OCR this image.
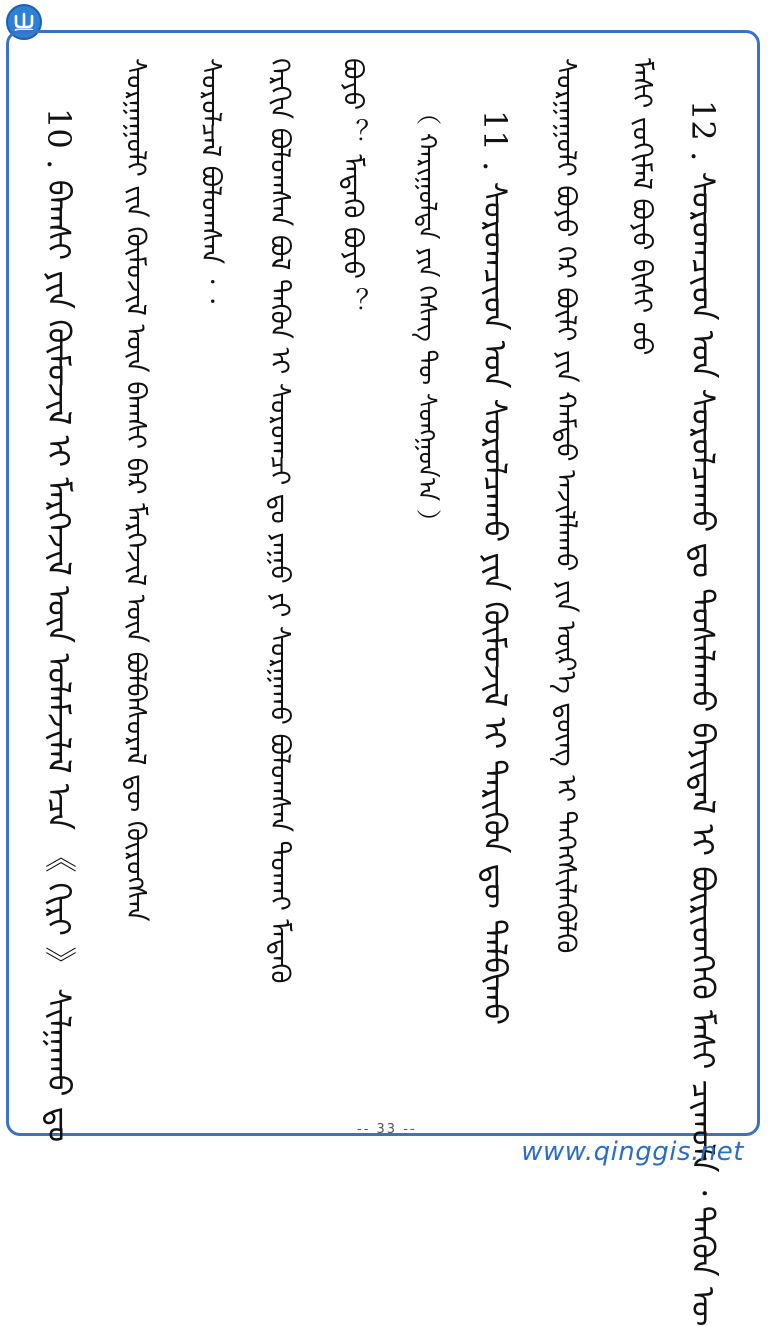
ᠮᠠᠰᠢ ᠵᠣᠬᠢᠮᠠᠯ ᠪᠤᠶᠤ ᠪᠢᠰᠢ ᠦᠦ 12 ․ ᠰᠤᠷᠤᠭᠴᠢᠳ ᠤᠨ ᠰᠤᠷᠤᠯᠴᠠᠬᠤ ᠳᠤ ᠲᠤᠰᠠᠯᠠᠬᠤ ᠪᠠᠶᠢᠳᠠᠯ ᠢ ᠪᠦᠷᠢᠳᠬᠡᠬᠦ ᠮᠠᠰᠢ ᠴᠢᠬᠤᠯᠠ ᠂ ᠲᠡᠭᠦᠨ ᠦ
ᠰᠤᠷᠭᠠᠭᠤᠯᠢ ᠪᠤᠶᠤ ᠭᠡᠷ ᠪᠦᠯᠢ ᠶᠢᠨ ᠬᠠᠮᠲᠤ ᠠᠵᠢᠯᠯᠠᠬᠤ ᠶᠢᠨ ᠦᠷ᠎ᠡ ᠳ᠋ᠦᠩ ᠢ ᠳᠡᠭᠡᠭᠰᠢᠯᠡᠭᠦᠯᠬᠦ
11 ․ ᠰᠤᠷᠤᠭᠴᠢᠳ ᠤᠨ ᠰᠤᠷᠤᠯᠴᠠᠬᠤ ᠶᠢᠨ ᠬᠦᠮᠦᠵᠢᠯ ᠢ ᠲᠡᠷᠢᠭᠦᠨ ᠳᠦ ᠲᠠᠯᠪᠢᠬᠤ
（ ᠬᠠᠷᠢᠭᠤᠯᠲᠠ ᠶᠢᠨ ᠬᠡᠰᠡᠭ ᠲᠦ ᠰᠤᠩᠭᠤᠨ᠎ᠠ ）
ᠪᠤᠶᠤ ？ ᠮᠡᠳᠡᠬᠦ ᠪᠤᠶᠤ ？
ᠬᠡᠷᠬᠢᠨ ᠪᠤᠯᠤᠭᠰᠠᠨ ᠪᠤᠯ ᠲᠡᠭᠦᠨ ᠢ ᠰᠤᠷᠤᠭᠴᠢ ᠳᠤ ᠶᠠᠭᠤ ᠶᠢ ᠰᠤᠷᠭᠠᠬᠤ ᠪᠤᠯᠤᠭᠰᠠᠨ ᠲᠤᠬᠠᠢ ᠮᠡᠳᠡᠬᠦ
ᠰᠤᠷᠤᠯᠴᠠᠯ ᠪᠤᠯᠤᠭᠰᠠᠨ ᠂ ᠂
ᠰᠤᠷᠭᠠᠭᠤᠯᠢ ᠵᠢᠨ ᠬᠦᠮᠦᠵᠢᠯ ᠦᠨ ᠪᠠᠭᠰᠢ ᠪᠠᠷ ᠮᠡᠷᠭᠡᠵᠢᠯ ᠦᠨ ᠪᠤᠯᠪᠠᠰᠤᠷᠠᠯ ᠳᠦ ᠬᠦᠷᠦᠭᠰᠡᠨ
10 ․ ᠪᠠᠭᠰᠢ ᠶᠢᠨ ᠬᠦᠮᠦᠵᠢᠯ ᠢ ᠮᠡᠷᠭᠡᠵᠢᠯ ᠦᠨ ᠤᠯᠠᠮᠵᠢᠯᠠᠯ ᠡᠴᠡ 《 ᠬᠢᠷᠢ 》 ᠰᠢᠯᠭᠠᠬᠤ ᠳᠤ	-- 33 --
www.qinggis.net
